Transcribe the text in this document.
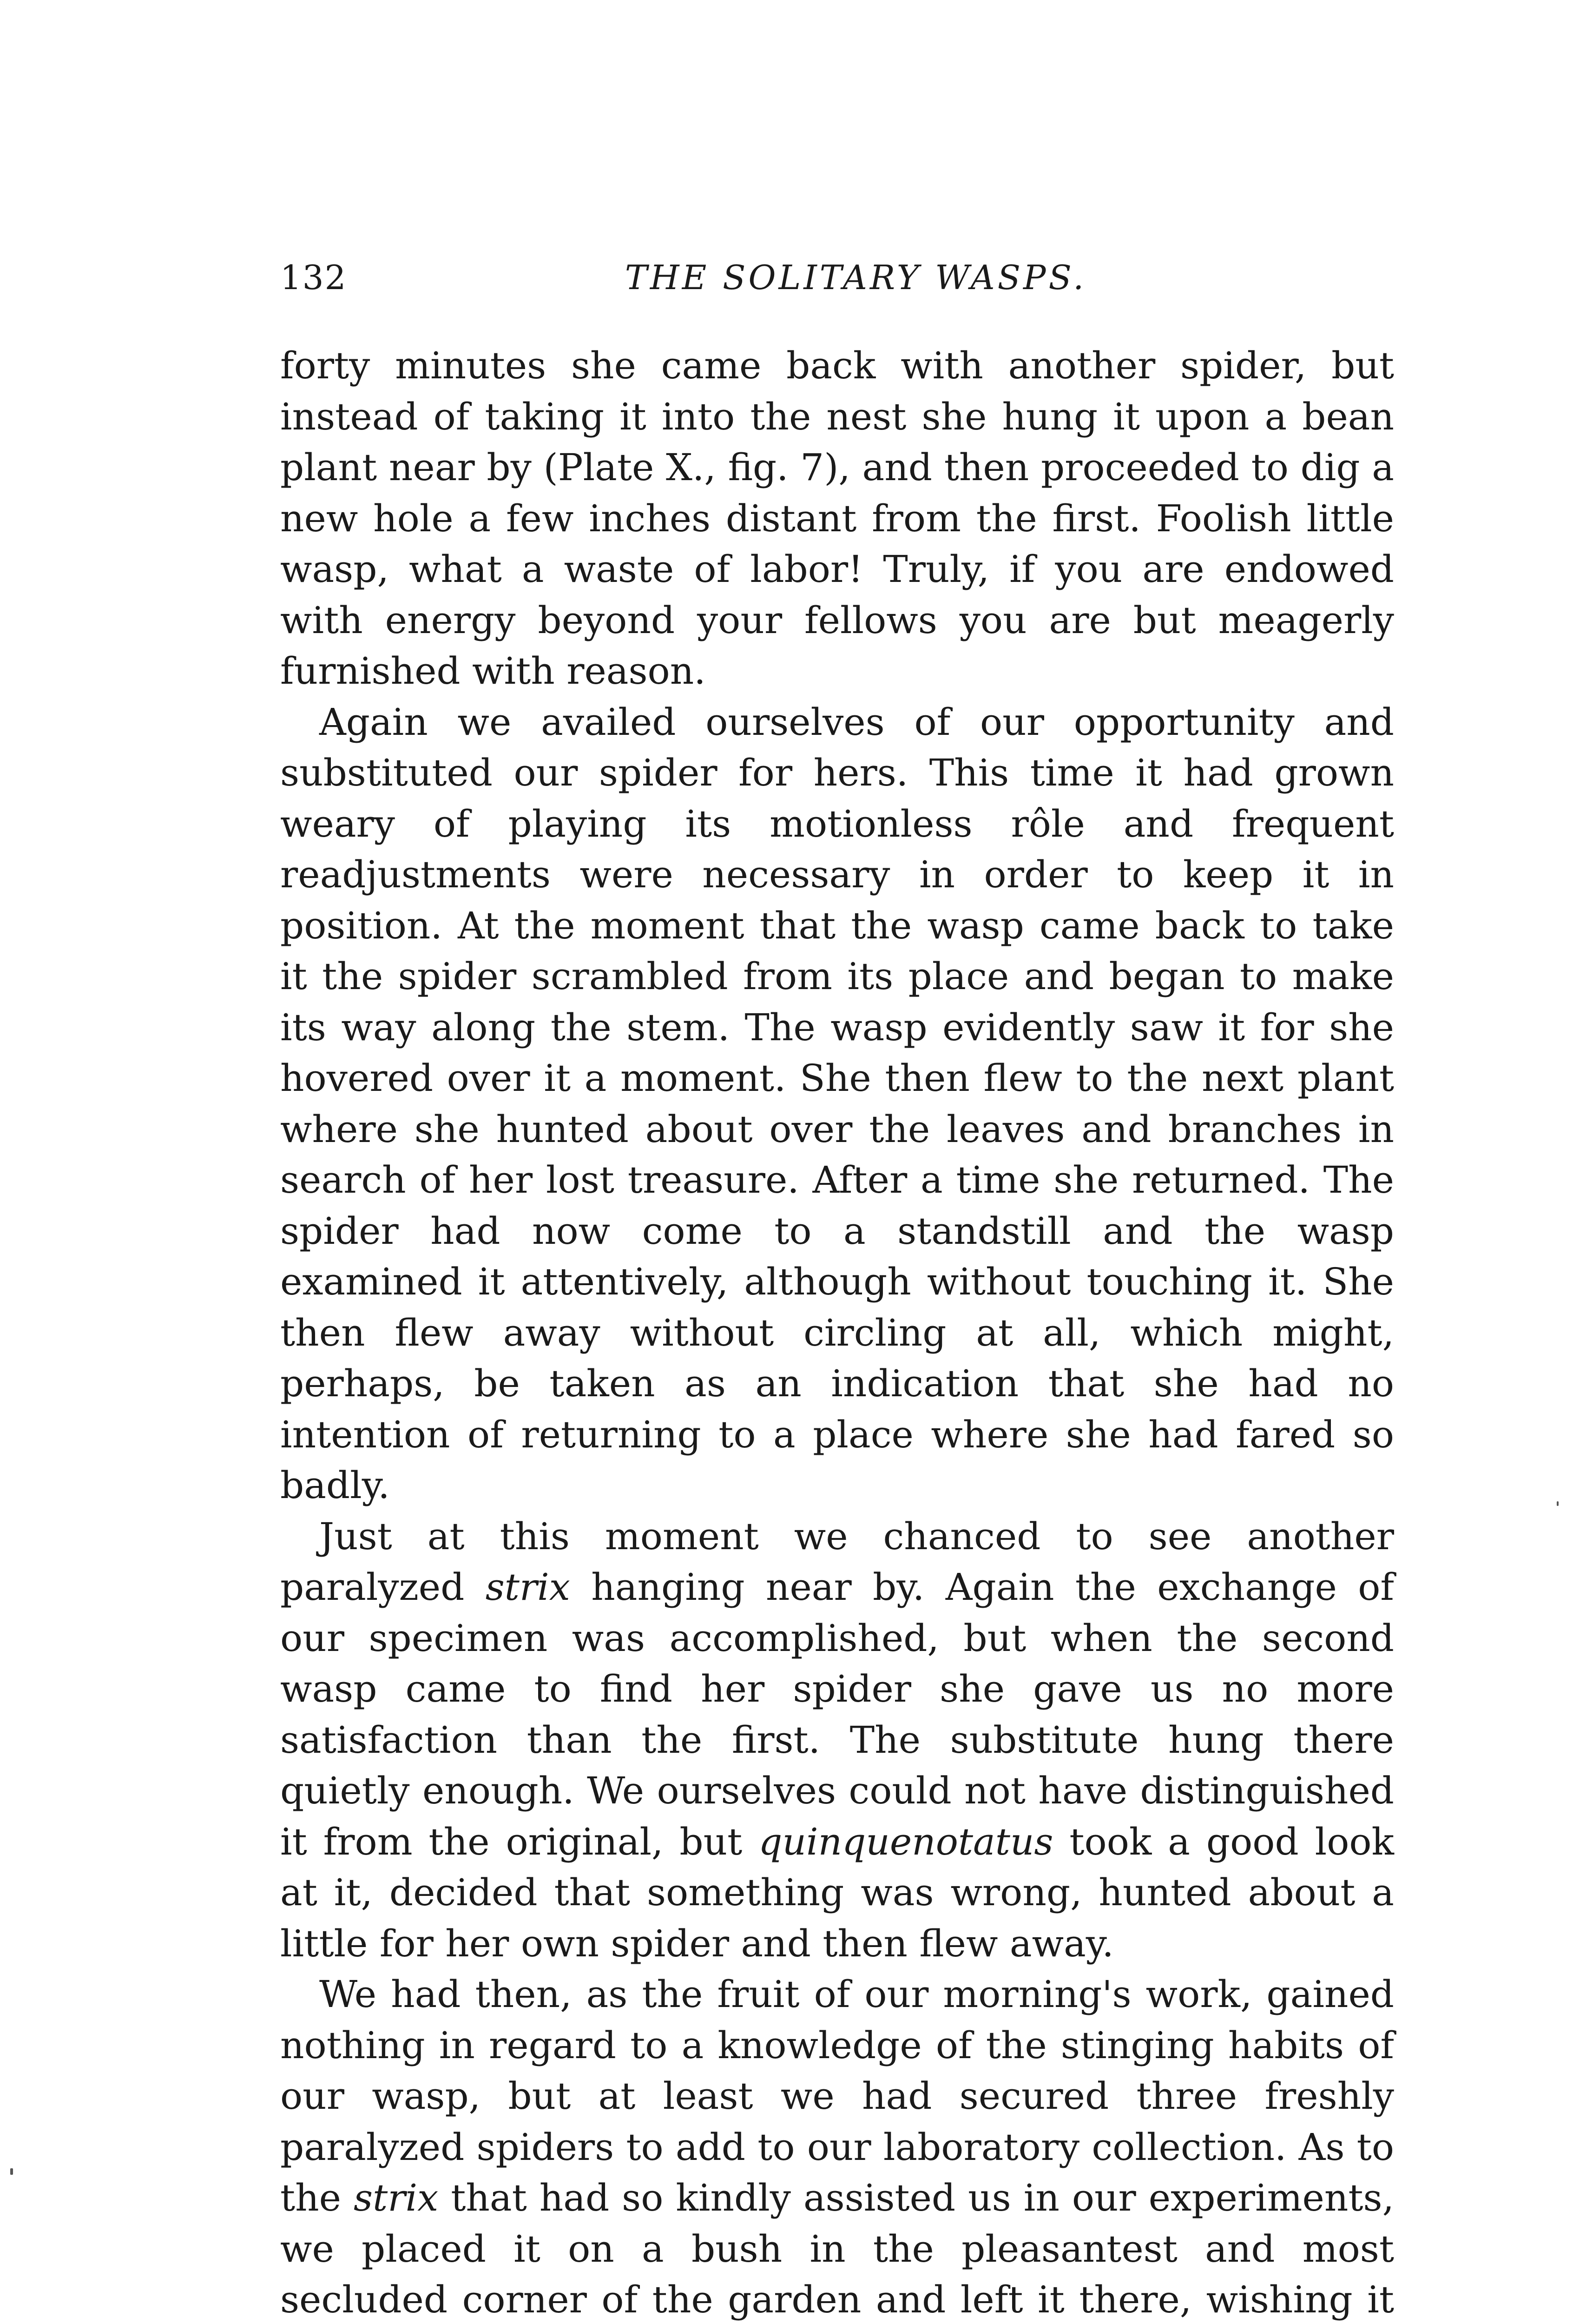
132	THE SOLITARY WASPS.

forty minutes she came back with another spider, but instead of taking it into the nest she hung it upon a bean plant near by (Plate X., fig. 7), and then proceeded to dig a new hole a few inches distant from the first. Foolish little wasp, what a waste of labor! Truly, if you are endowed with energy beyond your fellows you are but meagerly furnished with reason.

Again we availed ourselves of our opportunity and substituted our spider for hers. This time it had grown weary of playing its motionless rôle and frequent readjustments were necessary in order to keep it in position. At the moment that the wasp came back to take it the spider scrambled from its place and began to make its way along the stem. The wasp evidently saw it for she hovered over it a moment. She then flew to the next plant where she hunted about over the leaves and branches in search of her lost treasure. After a time she returned. The spider had now come to a standstill and the wasp examined it attentively, although without touching it. She then flew away without circling at all, which might, perhaps, be taken as an indication that she had no intention of returning to a place where she had fared so badly.

Just at this moment we chanced to see another paralyzed strix hanging near by. Again the exchange of our specimen was accomplished, but when the second wasp came to find her spider she gave us no more satisfaction than the first. The substitute hung there quietly enough. We ourselves could not have distinguished it from the original, but quinquenotatus took a good look at it, decided that something was wrong, hunted about a little for her own spider and then flew away.

We had then, as the fruit of our morning's work, gained nothing in regard to a knowledge of the stinging habits of our wasp, but at least we had secured three freshly paralyzed spiders to add to our laboratory collection. As to the strix that had so kindly assisted us in our experiments, we placed it on a bush in the pleasantest and most secluded corner of the garden and left it there, wishing it
